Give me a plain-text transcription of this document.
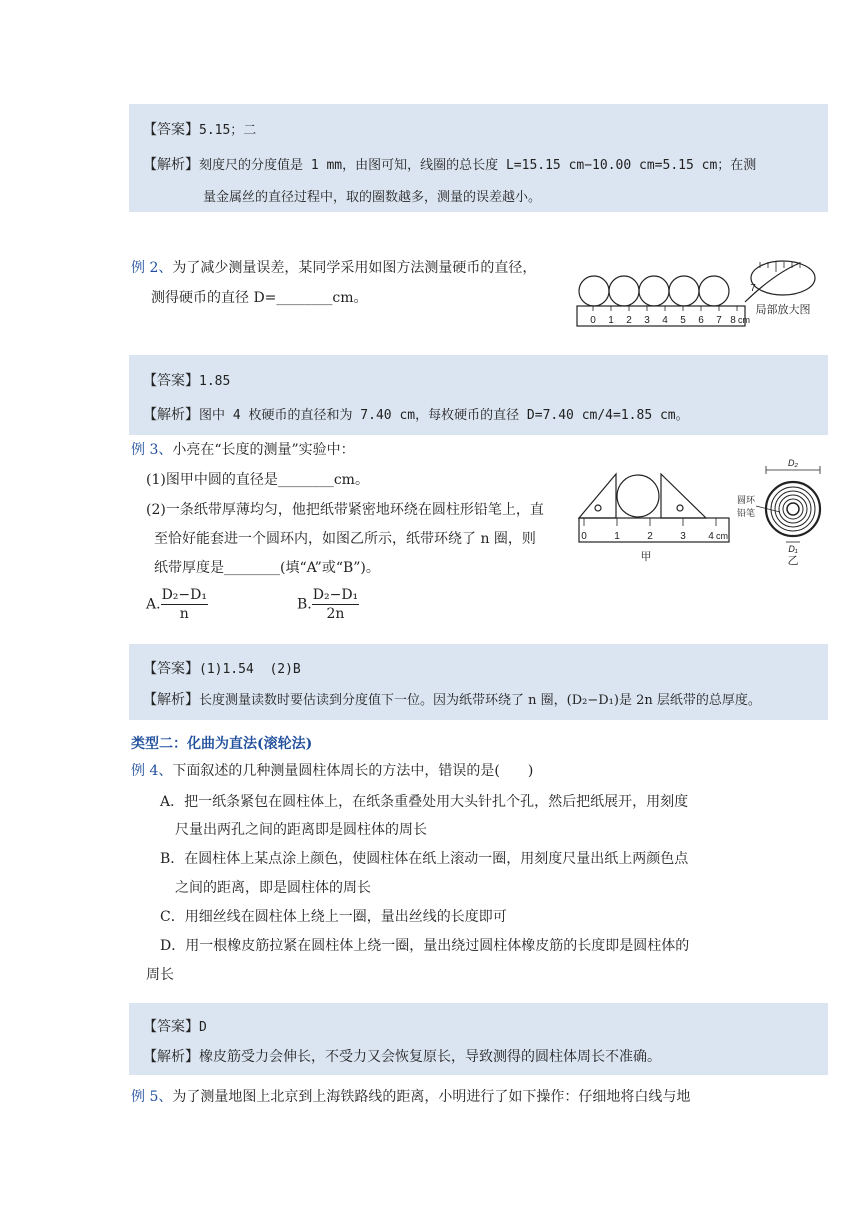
【答案】5.15；二
【解析】刻度尺的分度值是 1 mm，由图可知，线圈的总长度 L=15.15 cm−10.00 cm=5.15 cm；在测
量金属丝的直径过程中，取的圈数越多，测量的误差越小。
例 2、为了减少测量误差，某同学采用如图方法测量硬币的直径，
测得硬币的直径 D=________cm。
0 1 2 3 4 5 6 7 8 cm
7
局部放大图
【答案】1.85
【解析】图中 4 枚硬币的直径和为 7.40 cm，每枚硬币的直径 D=7.40 cm/4=1.85 cm。
例 3、小亮在“长度的测量”实验中：
(1)图甲中圆的直径是________cm。
(2)一条纸带厚薄均匀，他把纸带紧密地环绕在圆柱形铅笔上，直
至恰好能套进一个圆环内，如图乙所示，纸带环绕了 n 圈，则
纸带厚度是________(填“A”或“B”)。
A. $\frac{\text{D₂−D₁}}{n}$	B. $\frac{\text{D₂−D₁}}{2n}$
0	1	2	3 4 cm
甲
D₂
圆环
铅笔
D₁
乙
【答案】(1)1.54  (2)B
【解析】长度测量读数时要估读到分度值下一位。因为纸带环绕了 n 圈，(D₂−D₁)是 2n 层纸带的总厚度。
类型二：化曲为直法(滚轮法)
例 4、下面叙述的几种测量圆柱体周长的方法中，错误的是(　　)
A．把一纸条紧包在圆柱体上，在纸条重叠处用大头针扎个孔，然后把纸展开，用刻度
尺量出两孔之间的距离即是圆柱体的周长
B．在圆柱体上某点涂上颜色，使圆柱体在纸上滚动一圈，用刻度尺量出纸上两颜色点
之间的距离，即是圆柱体的周长
C．用细丝线在圆柱体上绕上一圈，量出丝线的长度即可
D．用一根橡皮筋拉紧在圆柱体上绕一圈，量出绕过圆柱体橡皮筋的长度即是圆柱体的
周长
【答案】D
【解析】橡皮筋受力会伸长，不受力又会恢复原长，导致测得的圆柱体周长不准确。
例 5、为了测量地图上北京到上海铁路线的距离，小明进行了如下操作：仔细地将白线与地
